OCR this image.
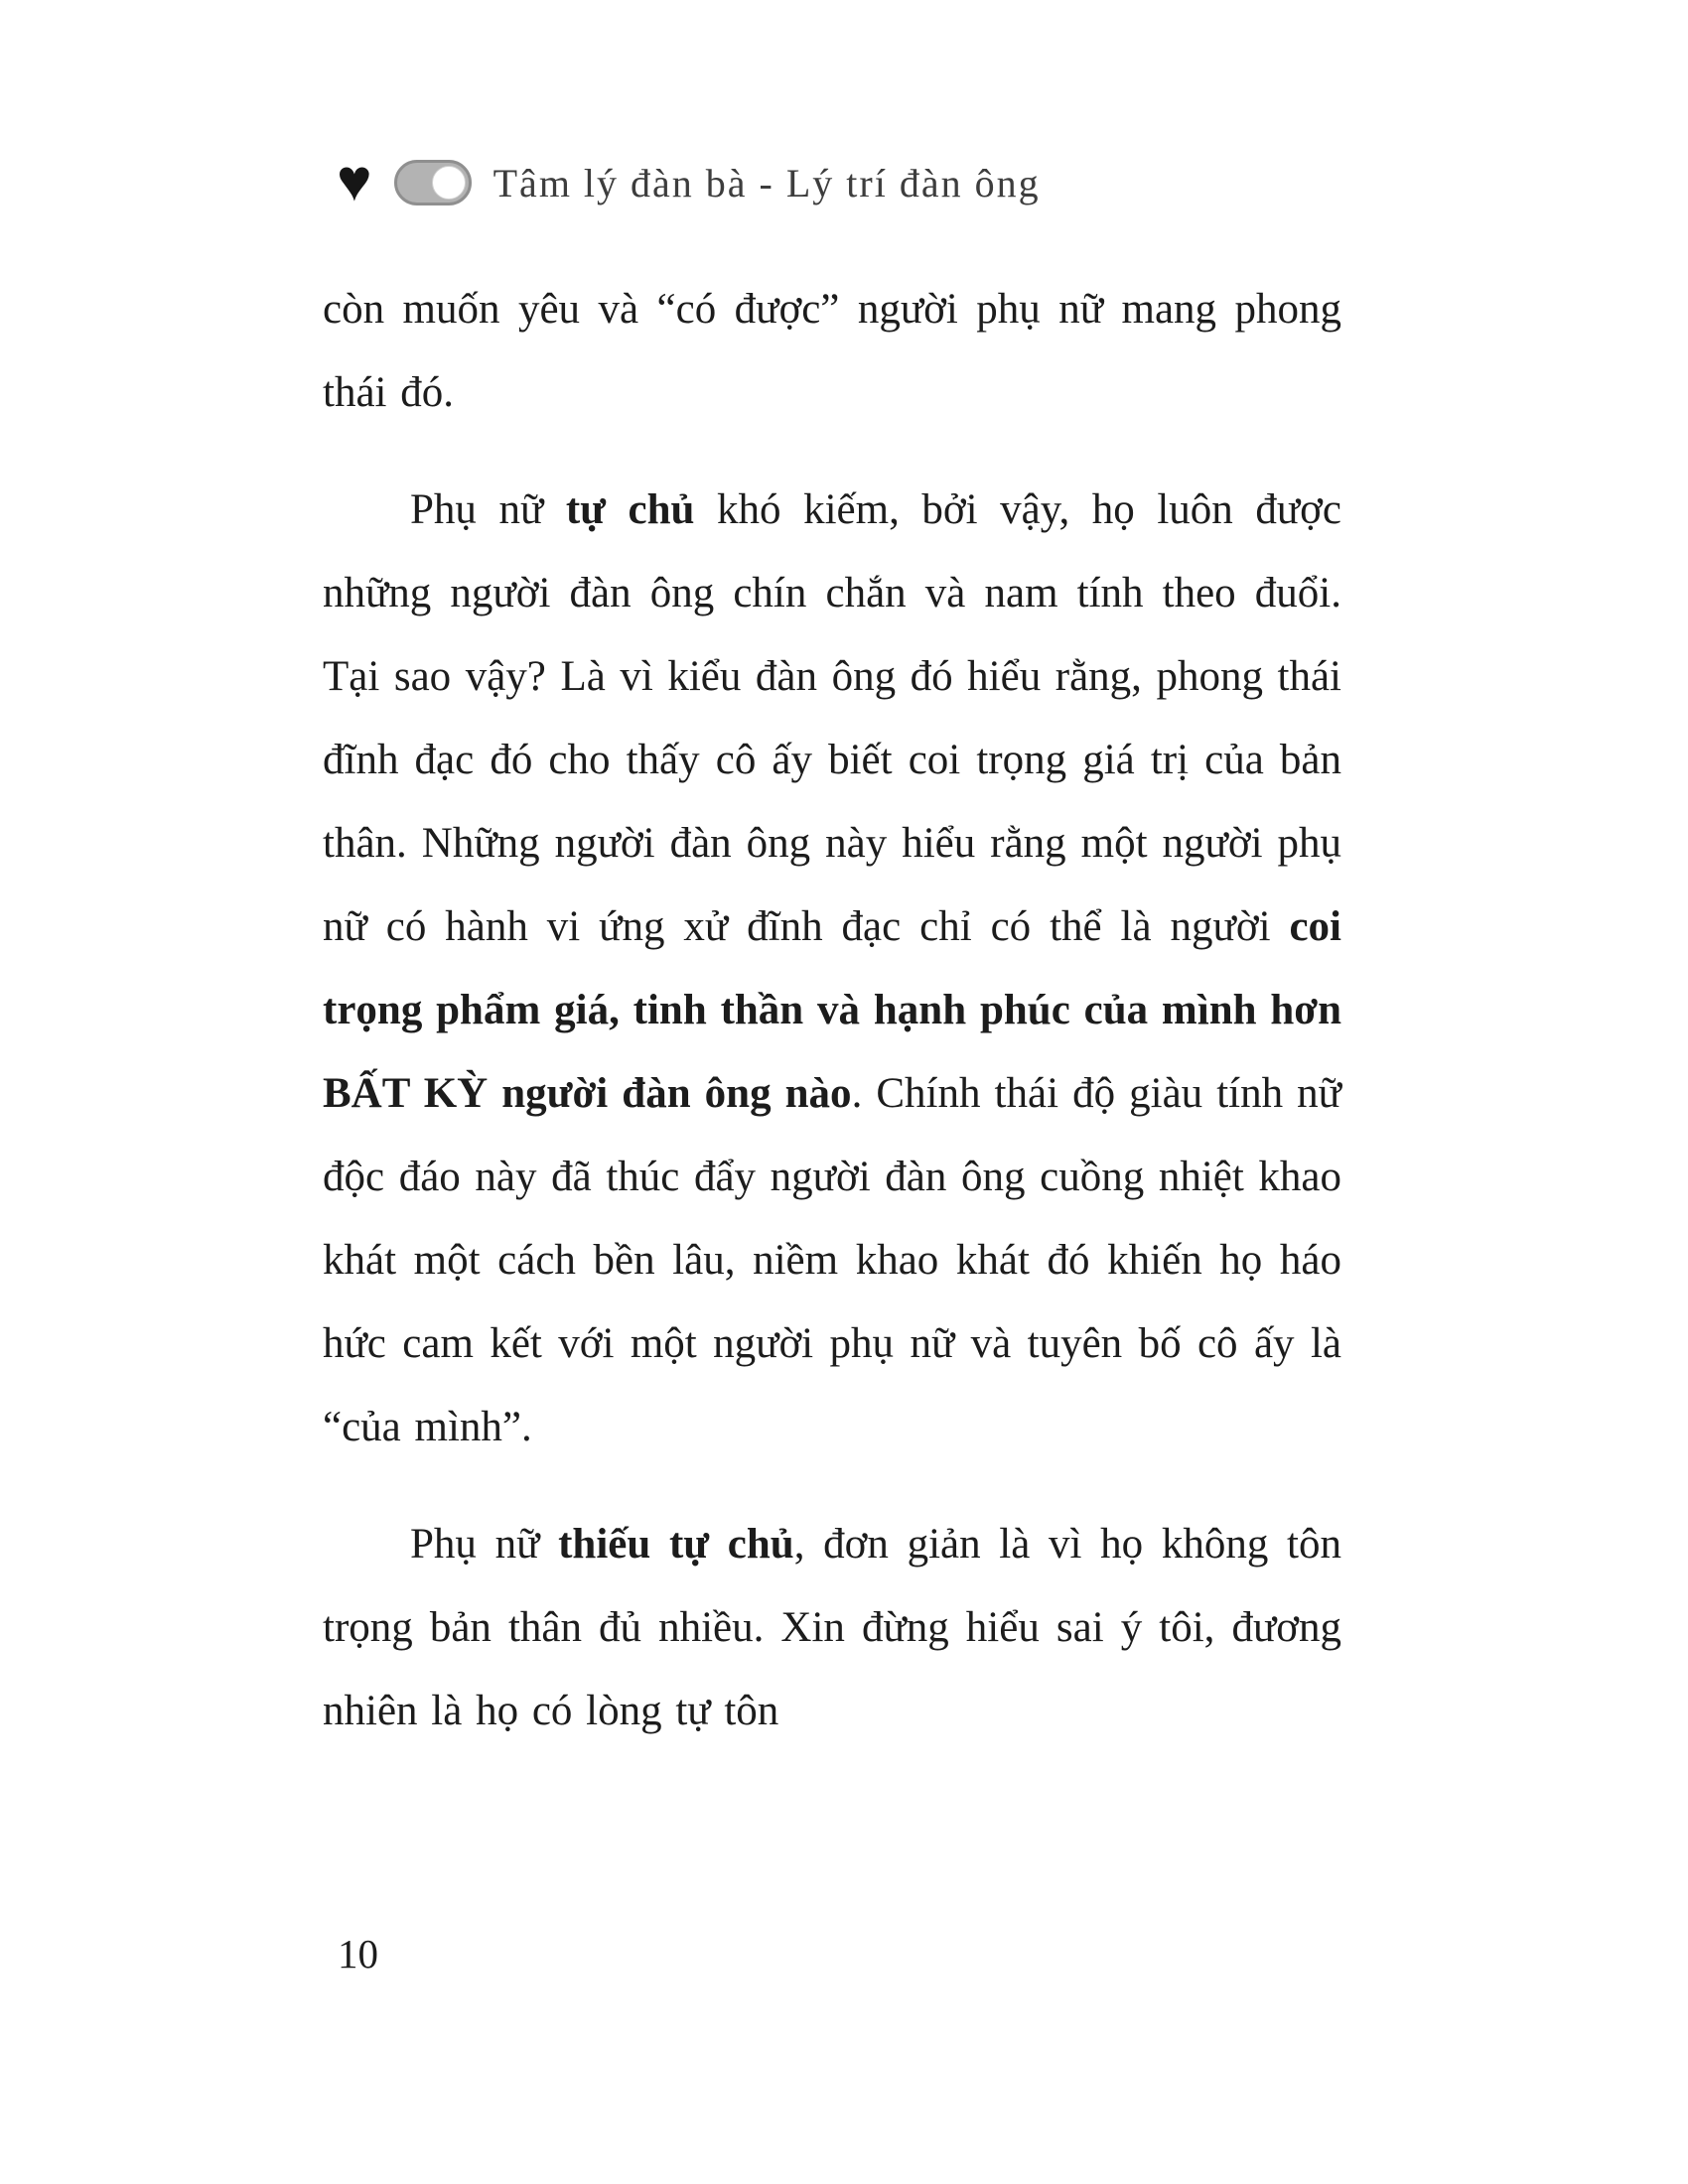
♥	Tâm lý đàn bà - Lý trí đàn ông

còn muốn yêu và “có được” người phụ nữ mang phong thái đó.

Phụ nữ tự chủ khó kiếm, bởi vậy, họ luôn được những người đàn ông chín chắn và nam tính theo đuổi. Tại sao vậy? Là vì kiểu đàn ông đó hiểu rằng, phong thái đĩnh đạc đó cho thấy cô ấy biết coi trọng giá trị của bản thân. Những người đàn ông này hiểu rằng một người phụ nữ có hành vi ứng xử đĩnh đạc chỉ có thể là người coi trọng phẩm giá, tinh thần và hạnh phúc của mình hơn BẤT KỲ người đàn ông nào. Chính thái độ giàu tính nữ độc đáo này đã thúc đẩy người đàn ông cuồng nhiệt khao khát một cách bền lâu, niềm khao khát đó khiến họ háo hức cam kết với một người phụ nữ và tuyên bố cô ấy là “của mình”.

Phụ nữ thiếu tự chủ, đơn giản là vì họ không tôn trọng bản thân đủ nhiều. Xin đừng hiểu sai ý tôi, đương nhiên là họ có lòng tự tôn

10
